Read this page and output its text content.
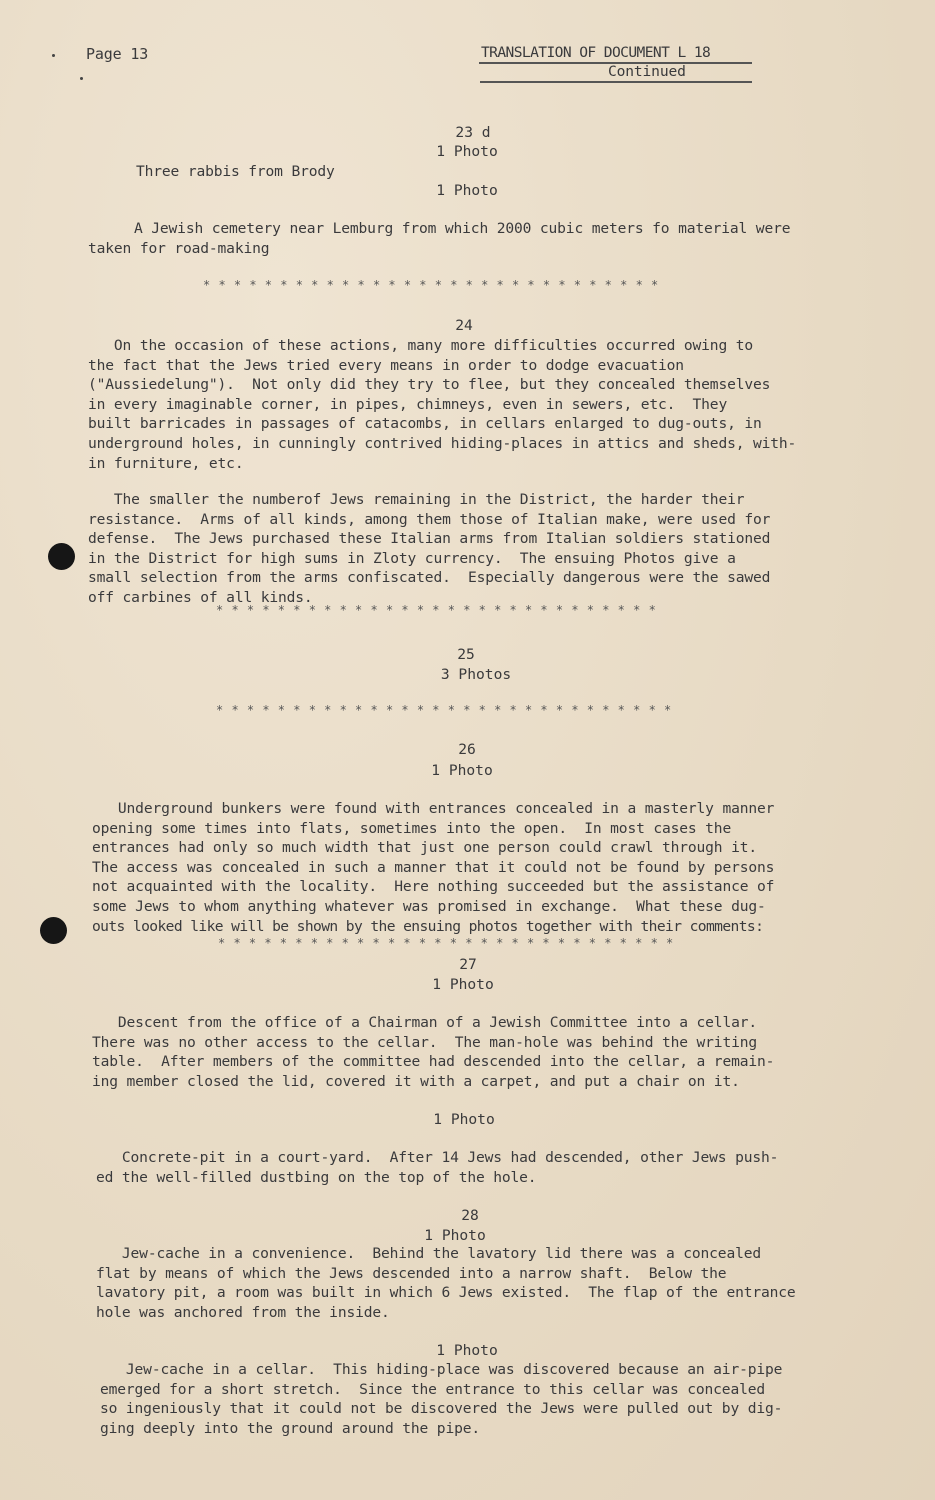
Page 13	TRANSLATION OF DOCUMENT L 18
Continued
23 d
1 Photo
Three rabbis from Brody
1 Photo
A Jewish cemetery near Lemburg from which 2000 cubic meters fo material were
taken for road-making
* * * * * * * * * * * * * * * * * * * * * * * * * * * * * *
24
On the occasion of these actions, many more difficulties occurred owing to
the fact that the Jews tried every means in order to dodge evacuation
("Aussiedelung").  Not only did they try to flee, but they concealed themselves
in every imaginable corner, in pipes, chimneys, even in sewers, etc.  They
built barricades in passages of catacombs, in cellars enlarged to dug-outs, in
underground holes, in cunningly contrived hiding-places in attics and sheds, with-
in furniture, etc.
The smaller the numberof Jews remaining in the District, the harder their
resistance.  Arms of all kinds, among them those of Italian make, were used for
defense.  The Jews purchased these Italian arms from Italian soldiers stationed
in the District for high sums in Zloty currency.  The ensuing Photos give a
small selection from the arms confiscated.  Especially dangerous were the sawed
off carbines of all kinds.
* * * * * * * * * * * * * * * * * * * * * * * * * * * * *
25
3 Photos
* * * * * * * * * * * * * * * * * * * * * * * * * * * * * *
26
1 Photo
Underground bunkers were found with entrances concealed in a masterly manner
opening some times into flats, sometimes into the open.  In most cases the
entrances had only so much width that just one person could crawl through it.
The access was concealed in such a manner that it could not be found by persons
not acquainted with the locality.  Here nothing succeeded but the assistance of
some Jews to whom anything whatever was promised in exchange.  What these dug-
outs looked like will be shown by the ensuing photos together with their comments:
* * * * * * * * * * * * * * * * * * * * * * * * * * * * * *
27
1 Photo
Descent from the office of a Chairman of a Jewish Committee into a cellar.
There was no other access to the cellar.  The man-hole was behind the writing
table.  After members of the committee had descended into the cellar, a remain-
ing member closed the lid, covered it with a carpet, and put a chair on it.
1 Photo
Concrete-pit in a court-yard.  After 14 Jews had descended, other Jews push-
ed the well-filled dustbing on the top of the hole.
28
1 Photo
Jew-cache in a convenience.  Behind the lavatory lid there was a concealed
flat by means of which the Jews descended into a narrow shaft.  Below the
lavatory pit, a room was built in which 6 Jews existed.  The flap of the entrance
hole was anchored from the inside.
1 Photo
Jew-cache in a cellar.  This hiding-place was discovered because an air-pipe
emerged for a short stretch.  Since the entrance to this cellar was concealed
so ingeniously that it could not be discovered the Jews were pulled out by dig-
ging deeply into the ground around the pipe.
